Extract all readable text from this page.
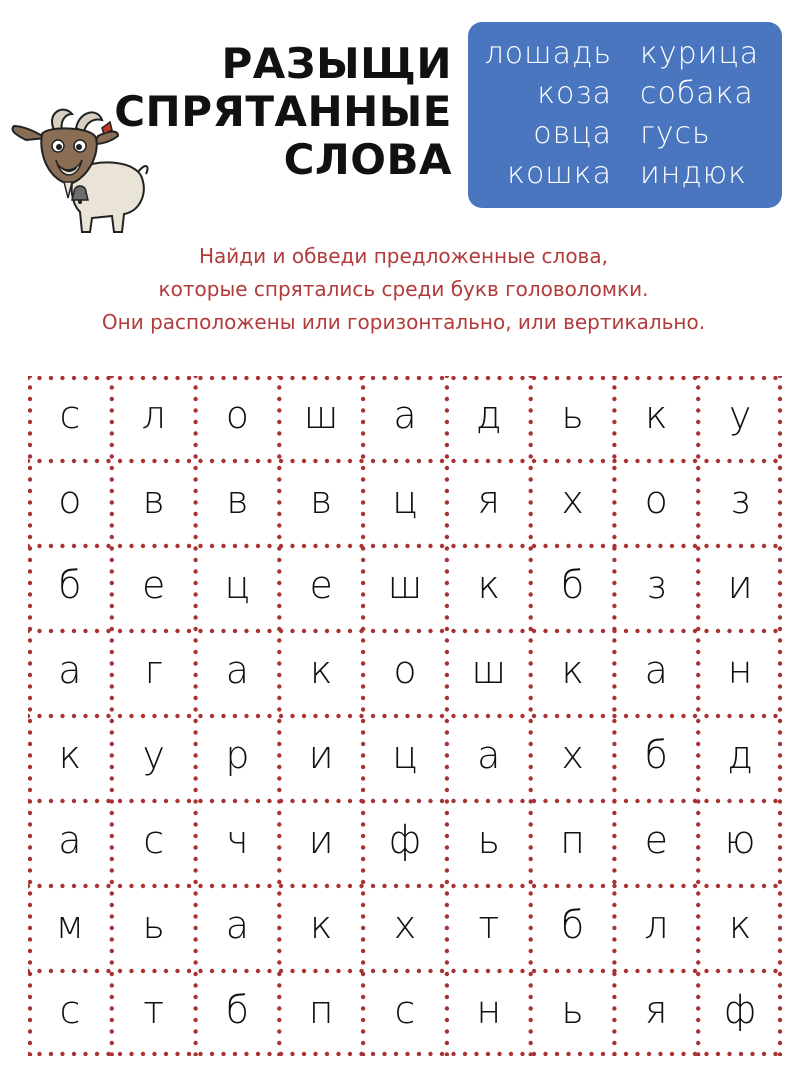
РАЗЫЩИ
СПРЯТАННЫЕ
СЛОВА
лошадь
коза
овца
кошка
курица
собака
гусь
индюк
Найди и обведи предложенные слова,
которые спрятались среди букв головоломки.
Они расположены или горизонтально, или вертикально.
с	л	о	ш	а	д	ь	к	у
о	в	в	в	ц	я	х	о	з
б	е	ц	е	ш	к	б	з	и
а	г	а	к	о	ш	к	а	н
к	у	р	и	ц	а	х	б	д
а	с	ч	и	ф	ь	п	е	ю
м	ь	а	к	х	т	б	л	к
с	т	б	п	с	н	ь	я	ф
